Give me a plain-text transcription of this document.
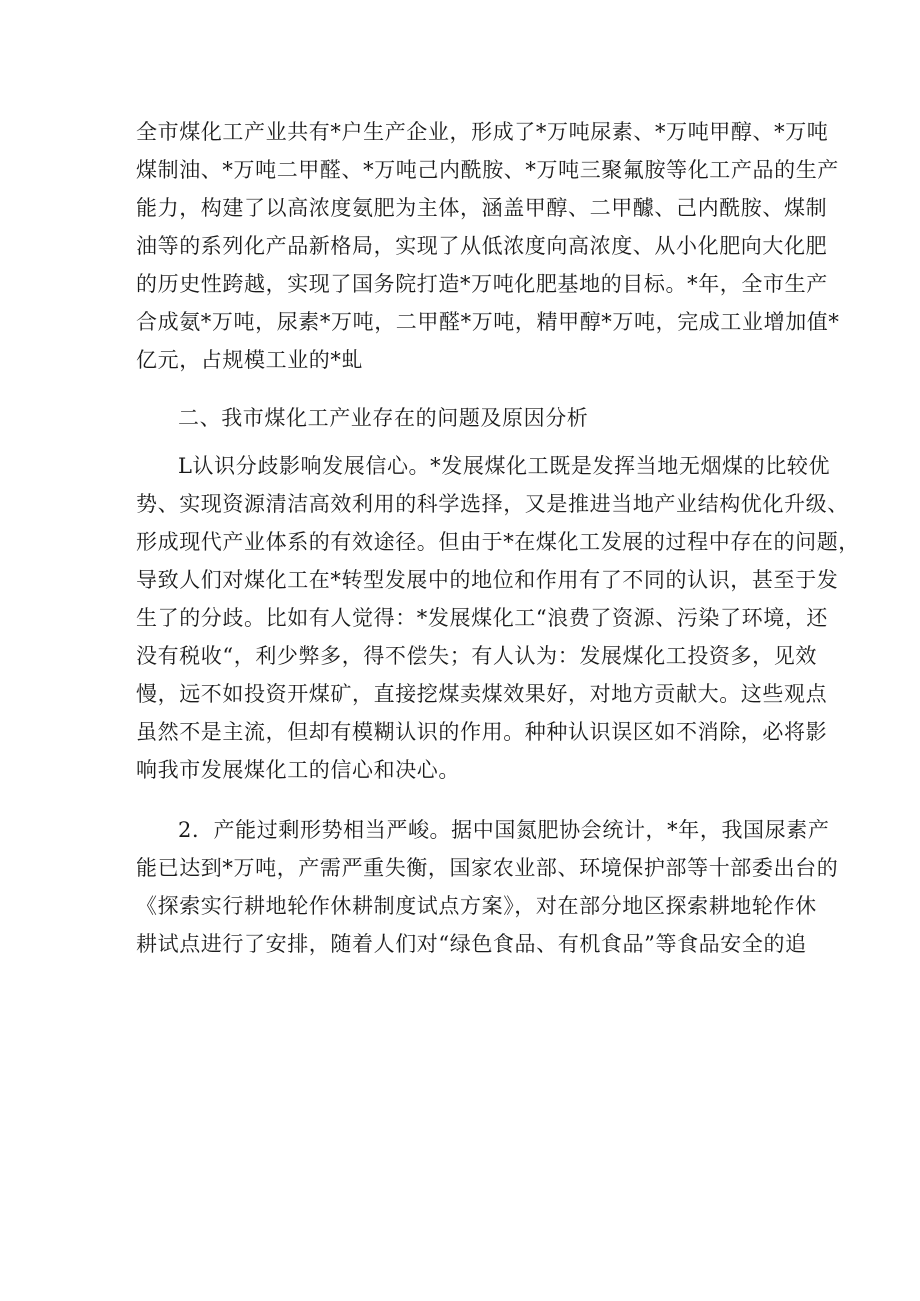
全市煤化工产业共有*户生产企业，形成了*万吨尿素、*万吨甲醇、*万吨
煤制油、*万吨二甲醛、*万吨己内酰胺、*万吨三聚氟胺等化工产品的生产
能力，构建了以高浓度氨肥为主体，涵盖甲醇、二甲醵、己内酰胺、煤制
油等的系列化产品新格局，实现了从低浓度向高浓度、从小化肥向大化肥
的历史性跨越，实现了国务院打造*万吨化肥基地的目标。*年，全市生产
合成氨*万吨，尿素*万吨，二甲醛*万吨，精甲醇*万吨，完成工业增加值*
亿元，占规模工业的*虬
二、我市煤化工产业存在的问题及原因分析
L认识分歧影响发展信心。*发展煤化工既是发挥当地无烟煤的比较优
势、实现资源清洁高效利用的科学选择，又是推进当地产业结构优化升级、
形成现代产业体系的有效途径。但由于*在煤化工发展的过程中存在的问题，
导致人们对煤化工在*转型发展中的地位和作用有了不同的认识，甚至于发
生了的分歧。比如有人觉得：*发展煤化工“浪费了资源、污染了环境，还
没有税收“，利少弊多，得不偿失；有人认为：发展煤化工投资多，见效
慢，远不如投资开煤矿，直接挖煤卖煤效果好，对地方贡献大。这些观点
虽然不是主流，但却有模糊认识的作用。种种认识误区如不消除，必将影
响我市发展煤化工的信心和决心。
2．产能过剩形势相当严峻。据中国氮肥协会统计，*年，我国尿素产
能已达到*万吨，产需严重失衡，国家农业部、环境保护部等十部委出台的
《探索实行耕地轮作休耕制度试点方案》，对在部分地区探索耕地轮作休
耕试点进行了安排，随着人们对“绿色食品、有机食品”等食品安全的追
